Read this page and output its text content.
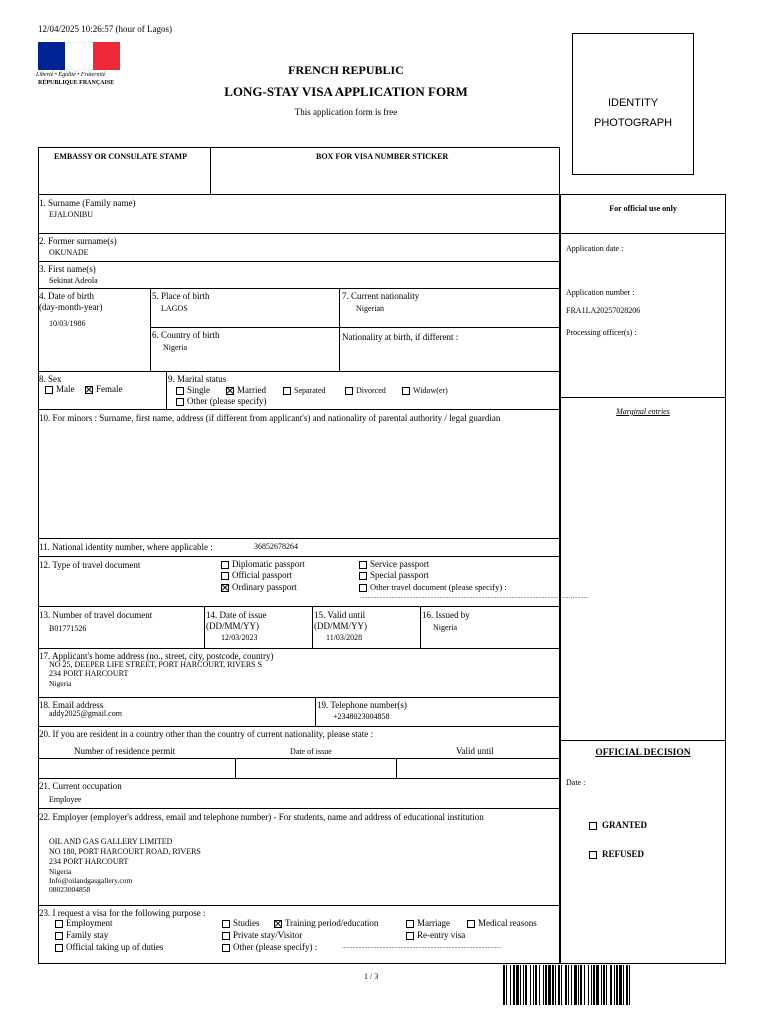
12/04/2025 10:26:57 (hour of Lagos)
Liberté • Égalité • Fraternité
RÉPUBLIQUE FRANÇAISE
FRENCH REPUBLIC
LONG-STAY VISA APPLICATION FORM
This application form is free
IDENTITY
PHOTOGRAPH
EMBASSY OR CONSULATE STAMP	BOX FOR VISA NUMBER STICKER
For official use only
Application date :
Application number :
FRA1LA20257028206
Processing officer(s) :
Marginal entries
OFFICIAL DECISION
Date :
GRANTED
REFUSED
1. Surname (Family name)
EJALONIBU
2. Former surname(s)
OKUNADE
3. First name(s)
Sekinat Adeola
4. Date of birth
(day-month-year)
10/03/1986
5. Place of birth
LAGOS
7. Current nationality
Nigerian
6. Country of birth
Nigeria
Nationality at birth, if different :
8. Sex
Male	Female
9. Marital status
Single	Married	Separated	Divorced	Widow(er)
Other (please specify)
10. For minors : Surname, first name, address (if different from applicant's) and nationality of parental authority / legal guardian
11. National identity number, where applicable :	36852678264
12. Type of travel document	Diplomatic passport
Official passport
Ordinary passport
Service passport
Special passport
Other travel document (please specify) :
...........................................................................................................................................….........
13. Number of travel document
B01771526
14. Date of issue
(DD/MM/YY)
12/03/2023
15. Valid until
(DD/MM/YY)
11/03/2028
16. Issued by
Nigeria
17. Applicant's home address (no., street, city, postcode, country)
NO 25, DEEPER LIFE STREET, PORT HARCOURT, RIVERS S
234 PORT HARCOURT
Nigeria
18. Email address
addy2025@gmail.com
19. Telephone number(s)
+2348023004858
20. If you are resident in a country other than the country of current nationality, please state :
Number of residence permit	Date of issue	Valid until
21. Current occupation
Employee
22. Employer (employer's address, email and telephone number) - For students, name and address of educational institution
OIL AND GAS GALLERY LIMITED
NO 180, PORT HARCOURT ROAD, RIVERS
234 PORT HARCOURT
Nigeria
Info@oilandgasgallery.com
08023004858
23. I request a visa for the following purpose :
Employment
Family stay
Official taking up of duties
Studies	Training period/education
Private stay/Visitor
Other (please specify) :	..........................................................................................................
Marriage	Medical reasons
Re-entry visa
1 / 3
